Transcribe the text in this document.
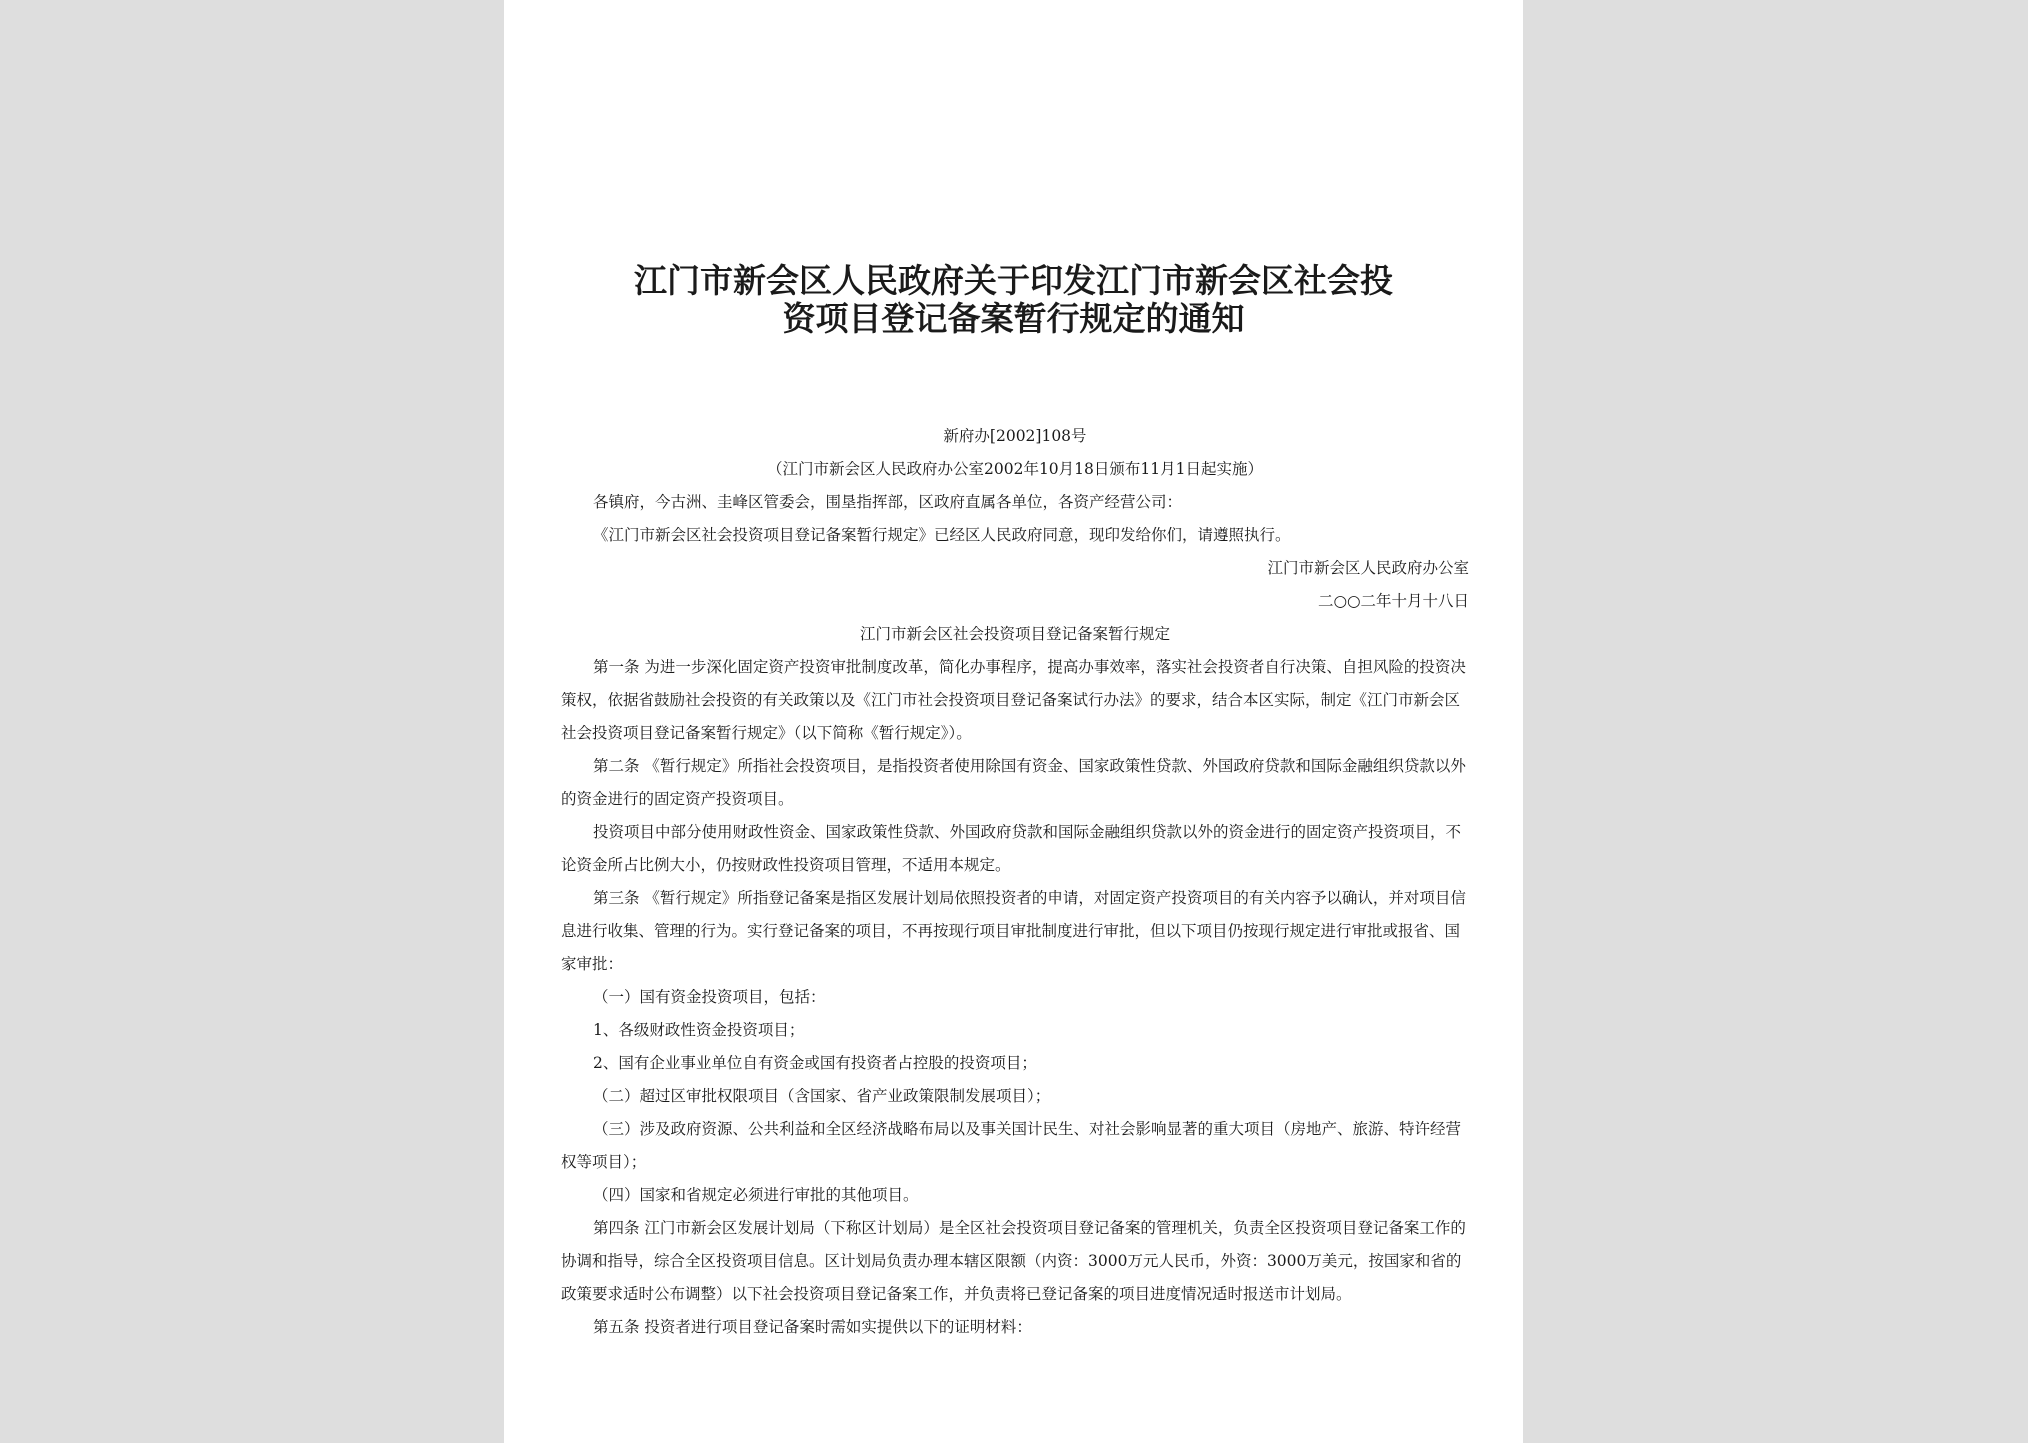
江门市新会区人民政府关于印发江门市新会区社会投
资项目登记备案暂行规定的通知
新府办[2002]108号
（江门市新会区人民政府办公室2002年10月18日颁布11月1日起实施）
各镇府，今古洲、圭峰区管委会，围垦指挥部，区政府直属各单位，各资产经营公司：
《江门市新会区社会投资项目登记备案暂行规定》已经区人民政府同意，现印发给你们，请遵照执行。
江门市新会区人民政府办公室
二○○二年十月十八日
江门市新会区社会投资项目登记备案暂行规定
第一条 为进一步深化固定资产投资审批制度改革，简化办事程序，提高办事效率，落实社会投资者自行决策、自担风险的投资决策权，依据省鼓励社会投资的有关政策以及《江门市社会投资项目登记备案试行办法》的要求，结合本区实际，制定《江门市新会区社会投资项目登记备案暂行规定》（以下简称《暂行规定》）。
第二条 《暂行规定》所指社会投资项目，是指投资者使用除国有资金、国家政策性贷款、外国政府贷款和国际金融组织贷款以外的资金进行的固定资产投资项目。
投资项目中部分使用财政性资金、国家政策性贷款、外国政府贷款和国际金融组织贷款以外的资金进行的固定资产投资项目，不论资金所占比例大小，仍按财政性投资项目管理，不适用本规定。
第三条 《暂行规定》所指登记备案是指区发展计划局依照投资者的申请，对固定资产投资项目的有关内容予以确认，并对项目信息进行收集、管理的行为。实行登记备案的项目，不再按现行项目审批制度进行审批，但以下项目仍按现行规定进行审批或报省、国家审批：
（一）国有资金投资项目，包括：
1、各级财政性资金投资项目；
2、国有企业事业单位自有资金或国有投资者占控股的投资项目；
（二）超过区审批权限项目（含国家、省产业政策限制发展项目）；
（三）涉及政府资源、公共利益和全区经济战略布局以及事关国计民生、对社会影响显著的重大项目（房地产、旅游、特许经营权等项目）；
（四）国家和省规定必须进行审批的其他项目。
第四条 江门市新会区发展计划局（下称区计划局）是全区社会投资项目登记备案的管理机关，负责全区投资项目登记备案工作的协调和指导，综合全区投资项目信息。区计划局负责办理本辖区限额（内资：3000万元人民币，外资：3000万美元，按国家和省的政策要求适时公布调整）以下社会投资项目登记备案工作，并负责将已登记备案的项目进度情况适时报送市计划局。
第五条 投资者进行项目登记备案时需如实提供以下的证明材料：
